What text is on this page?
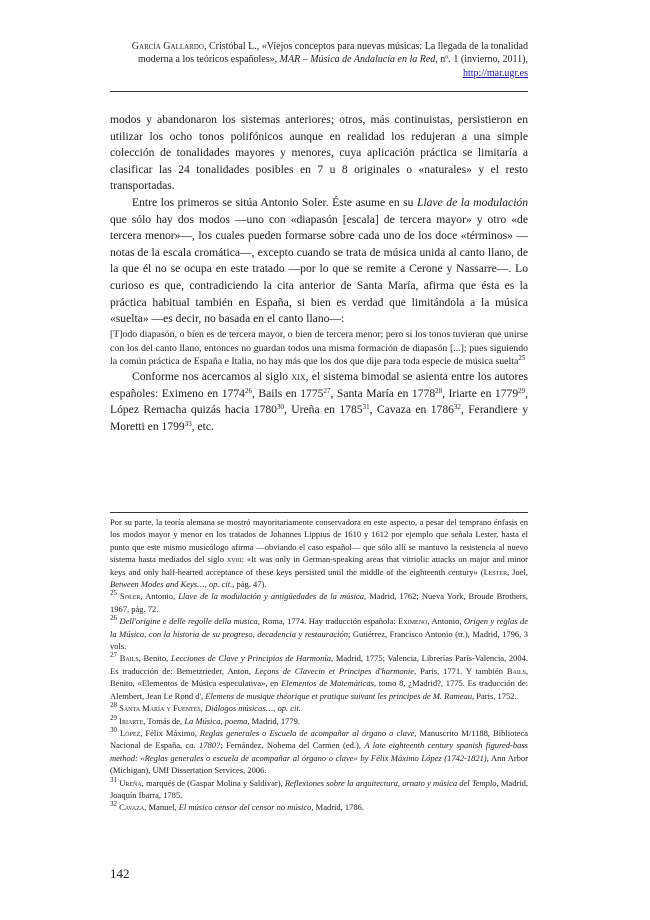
García Gallardo, Cristóbal L., «Viejos conceptos para nuevas músicas: La llegada de la tonalidad moderna a los teóricos españoles», MAR – Música de Andalucía en la Red, nº. 1 (invierno, 2011), http://mar.ugr.es

modos y abandonaron los sistemas anteriores; otros, más continuistas, persistieron en utilizar los ocho tonos polifónicos aunque en realidad los redujeran a una simple colección de tonalidades mayores y menores, cuya aplicación práctica se limitaría a clasificar las 24 tonalidades posibles en 7 u 8 originales o «naturales» y el resto transportadas.

Entre los primeros se sitúa Antonio Soler. Éste asume en su Llave de la modulación que sólo hay dos modos —uno con «diapasón [escala] de tercera mayor» y otro «de tercera menor»—, los cuales pueden formarse sobre cada uno de los doce «términos» —notas de la escala cromática—, excepto cuando se trata de música unida al canto llano, de la que él no se ocupa en este tratado —por lo que se remite a Cerone y Nassarre—. Lo curioso es que, contradiciendo la cita anterior de Santa María, afirma que ésta es la práctica habitual también en España, si bien es verdad que limitándola a la música «suelta» —es decir, no basada en el canto llano—:

[T]odo diapasón, o bien es de tercera mayor, o bien de tercera menor; pero si los tonos tuvieran que unirse con los del canto llano, entonces no guardan todos una misma formación de diapasón [...]; pues siguiendo la común práctica de España e Italia, no hay más que los dos que dije para toda especie de música suelta$^{25}$

Conforme nos acercamos al siglo xix, el sistema bimodal se asienta entre los autores españoles: Eximeno en 1774$^{26}$, Bails en 1775$^{27}$, Santa María en 1778$^{28}$, Iriarte en 1779$^{29}$, López Remacha quizás hacia 1780$^{30}$, Ureña en 1785$^{31}$, Cavaza en 1786$^{32}$, Ferandiere y Moretti en 1799$^{33}$, etc.

Por su parte, la teoría alemana se mostró mayoritariamente conservadora en este aspecto, a pesar del temprano énfasis en los modos mayor y menor en los tratados de Johannes Lippius de 1610 y 1612 por ejemplo que señala Lester, hasta el punto que este mismo musicólogo afirma —obviando el caso español— que sólo allí se mantuvo la resistencia al nuevo sistema hasta mediados del siglo xviii: «It was only in German-speaking areas that vitriolic attacks on major and minor keys and only half-hearted acceptance of these keys persisted until the middle of the eighteenth century» (Lester, Joel, Between Modes and Keys…, op. cit., pág. 47).

$^{25}$ Soler, Antonio, Llave de la modulación y antigüedades de la música, Madrid, 1762; Nueva York, Broude Brothers, 1967, pág. 72.

$^{26}$ Dell'origine e delle regolle della musica, Roma, 1774. Hay traducción española: Eximeno, Antonio, Origen y reglas de la Música, con la historia de su progreso, decadencia y restauración; Gutiérrez, Francisco Antonio (tr.), Madrid, 1796, 3 vols.

$^{27}$ Bails, Benito, Lecciones de Clave y Principios de Harmonía, Madrid, 1775; Valencia, Librerías París-Valencia, 2004. Es traducción de: Bemetzrieder, Anton, Leçons de Clavecin et Principes d'harmonie, Paris, 1771. Y también Bails, Benito, «Elementos de Música especulativa», en Elementos de Matemáticas, tomo 8, ¿Madrid?, 1775. Es traducción de: Alembert, Jean Le Rond d', Elemens de musique théorique et pratique suivant les principes de M. Rameau, Paris, 1752.

$^{28}$ Santa María y Fuentes, Diálogos músicos…, op. cit.

$^{29}$ Iriarte, Tomás de, La Música, poema, Madrid, 1779.

$^{30}$ López, Félix Máximo, Reglas generales o Escuela de acompañar al órgano o clave, Manuscrito M/1188, Biblioteca Nacional de España, ca. 1780?; Fernández, Nohema del Carmen (ed.), A late eighteenth century spanish figured-bass method: «Reglas generales o escuela de acompañar al órgano o clave» by Félix Máximo López (1742-1821), Ann Arbor (Michigan), UMI Dissertation Services, 2006.

$^{31}$ Ureña, marqués de (Gaspar Molina y Saldívar), Reflexiones sobre la arquitectura, ornato y música del Templo, Madrid, Joaquín Ibarra, 1785.

$^{32}$ Cavaza, Manuel, El músico censor del censor no músico, Madrid, 1786.

142
